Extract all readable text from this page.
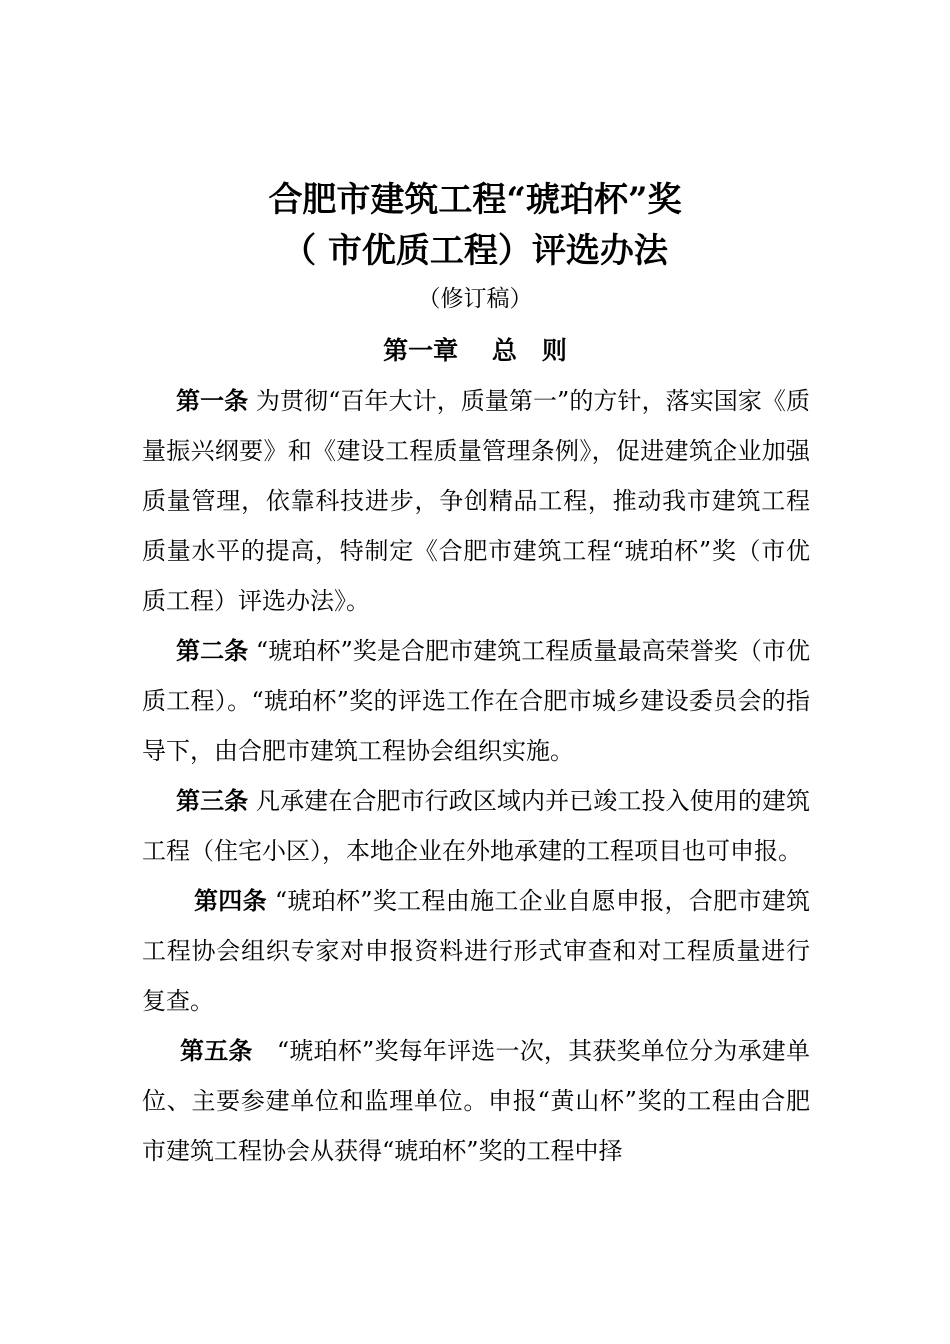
合肥市建筑工程“琥珀杯”奖
（ 市优质工程）评选办法

（修订稿）

第一章　 总　则

第一条 为贯彻“百年大计，质量第一”的方针，落实国家《质量振兴纲要》和《建设工程质量管理条例》，促进建筑企业加强质量管理，依靠科技进步，争创精品工程，推动我市建筑工程质量水平的提高，特制定《合肥市建筑工程“琥珀杯”奖（市优质工程）评选办法》。

第二条 “琥珀杯”奖是合肥市建筑工程质量最高荣誉奖（市优质工程）。“琥珀杯”奖的评选工作在合肥市城乡建设委员会的指导下，由合肥市建筑工程协会组织实施。

第三条 凡承建在合肥市行政区域内并已竣工投入使用的建筑工程（住宅小区），本地企业在外地承建的工程项目也可申报。

第四条 “琥珀杯”奖工程由施工企业自愿申报，合肥市建筑工程协会组织专家对申报资料进行形式审查和对工程质量进行复查。

第五条　“琥珀杯”奖每年评选一次，其获奖单位分为承建单位、主要参建单位和监理单位。申报“黄山杯”奖的工程由合肥市建筑工程协会从获得“琥珀杯”奖的工程中择
